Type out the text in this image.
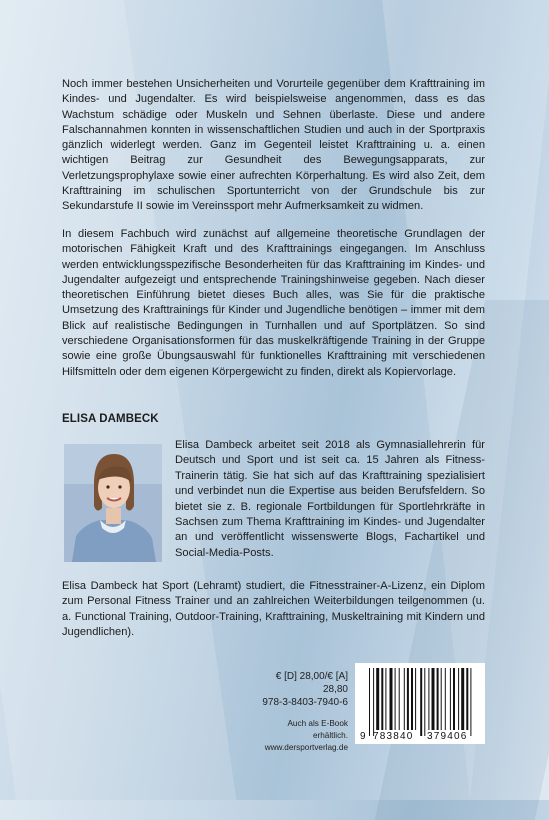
Noch immer bestehen Unsicherheiten und Vorurteile gegenüber dem Krafttraining im Kindes- und Jugendalter. Es wird beispielsweise angenommen, dass es das Wachstum schädige oder Muskeln und Sehnen überlaste. Diese und andere Falschannahmen konnten in wissenschaftlichen Studien und auch in der Sportpraxis gänzlich widerlegt werden. Ganz im Gegenteil leistet Krafttraining u. a. einen wichtigen Beitrag zur Gesundheit des Bewegungsapparats, zur Verletzungsprophylaxe sowie einer aufrechten Körperhaltung. Es wird also Zeit, dem Krafttraining im schulischen Sportunterricht von der Grundschule bis zur Sekundarstufe II sowie im Vereinssport mehr Aufmerksamkeit zu widmen.

In diesem Fachbuch wird zunächst auf allgemeine theoretische Grundlagen der motorischen Fähigkeit Kraft und des Krafttrainings eingegangen. Im Anschluss werden entwicklungsspezifische Besonderheiten für das Krafttraining im Kindes- und Jugendalter aufgezeigt und entsprechende Trainingshinweise gegeben. Nach dieser theoretischen Einführung bietet dieses Buch alles, was Sie für die praktische Umsetzung des Krafttrainings für Kinder und Jugendliche benötigen – immer mit dem Blick auf realistische Bedingungen in Turnhallen und auf Sportplätzen. So sind verschiedene Organisationsformen für das muskelkräftigende Training in der Gruppe sowie eine große Übungsauswahl für funktionelles Krafttraining mit verschiedenen Hilfsmitteln oder dem eigenen Körpergewicht zu finden, direkt als Kopiervorlage.

ELISA DAMBECK

Elisa Dambeck arbeitet seit 2018 als Gymnasiallehrerin für Deutsch und Sport und ist seit ca. 15 Jahren als Fitness-Trainerin tätig. Sie hat sich auf das Krafttraining spezialisiert und verbindet nun die Expertise aus beiden Berufsfeldern. So bietet sie z. B. regionale Fortbildungen für Sportlehrkräfte in Sachsen zum Thema Krafttraining im Kindes- und Jugendalter an und veröffentlicht wissenswerte Blogs, Fachartikel und Social-Media-Posts.

Elisa Dambeck hat Sport (Lehramt) studiert, die Fitnesstrainer-A-Lizenz, ein Diplom zum Personal Fitness Trainer und an zahlreichen Weiterbildungen teilgenommen (u. a. Functional Training, Outdoor-Training, Krafttraining, Muskeltraining mit Kindern und Jugendlichen).

€ [D] 28,00/€ [A] 28,80
978-3-8403-7940-6
Auch als E-Book erhältlich.
www.dersportverlag.de
9 783840 379406
